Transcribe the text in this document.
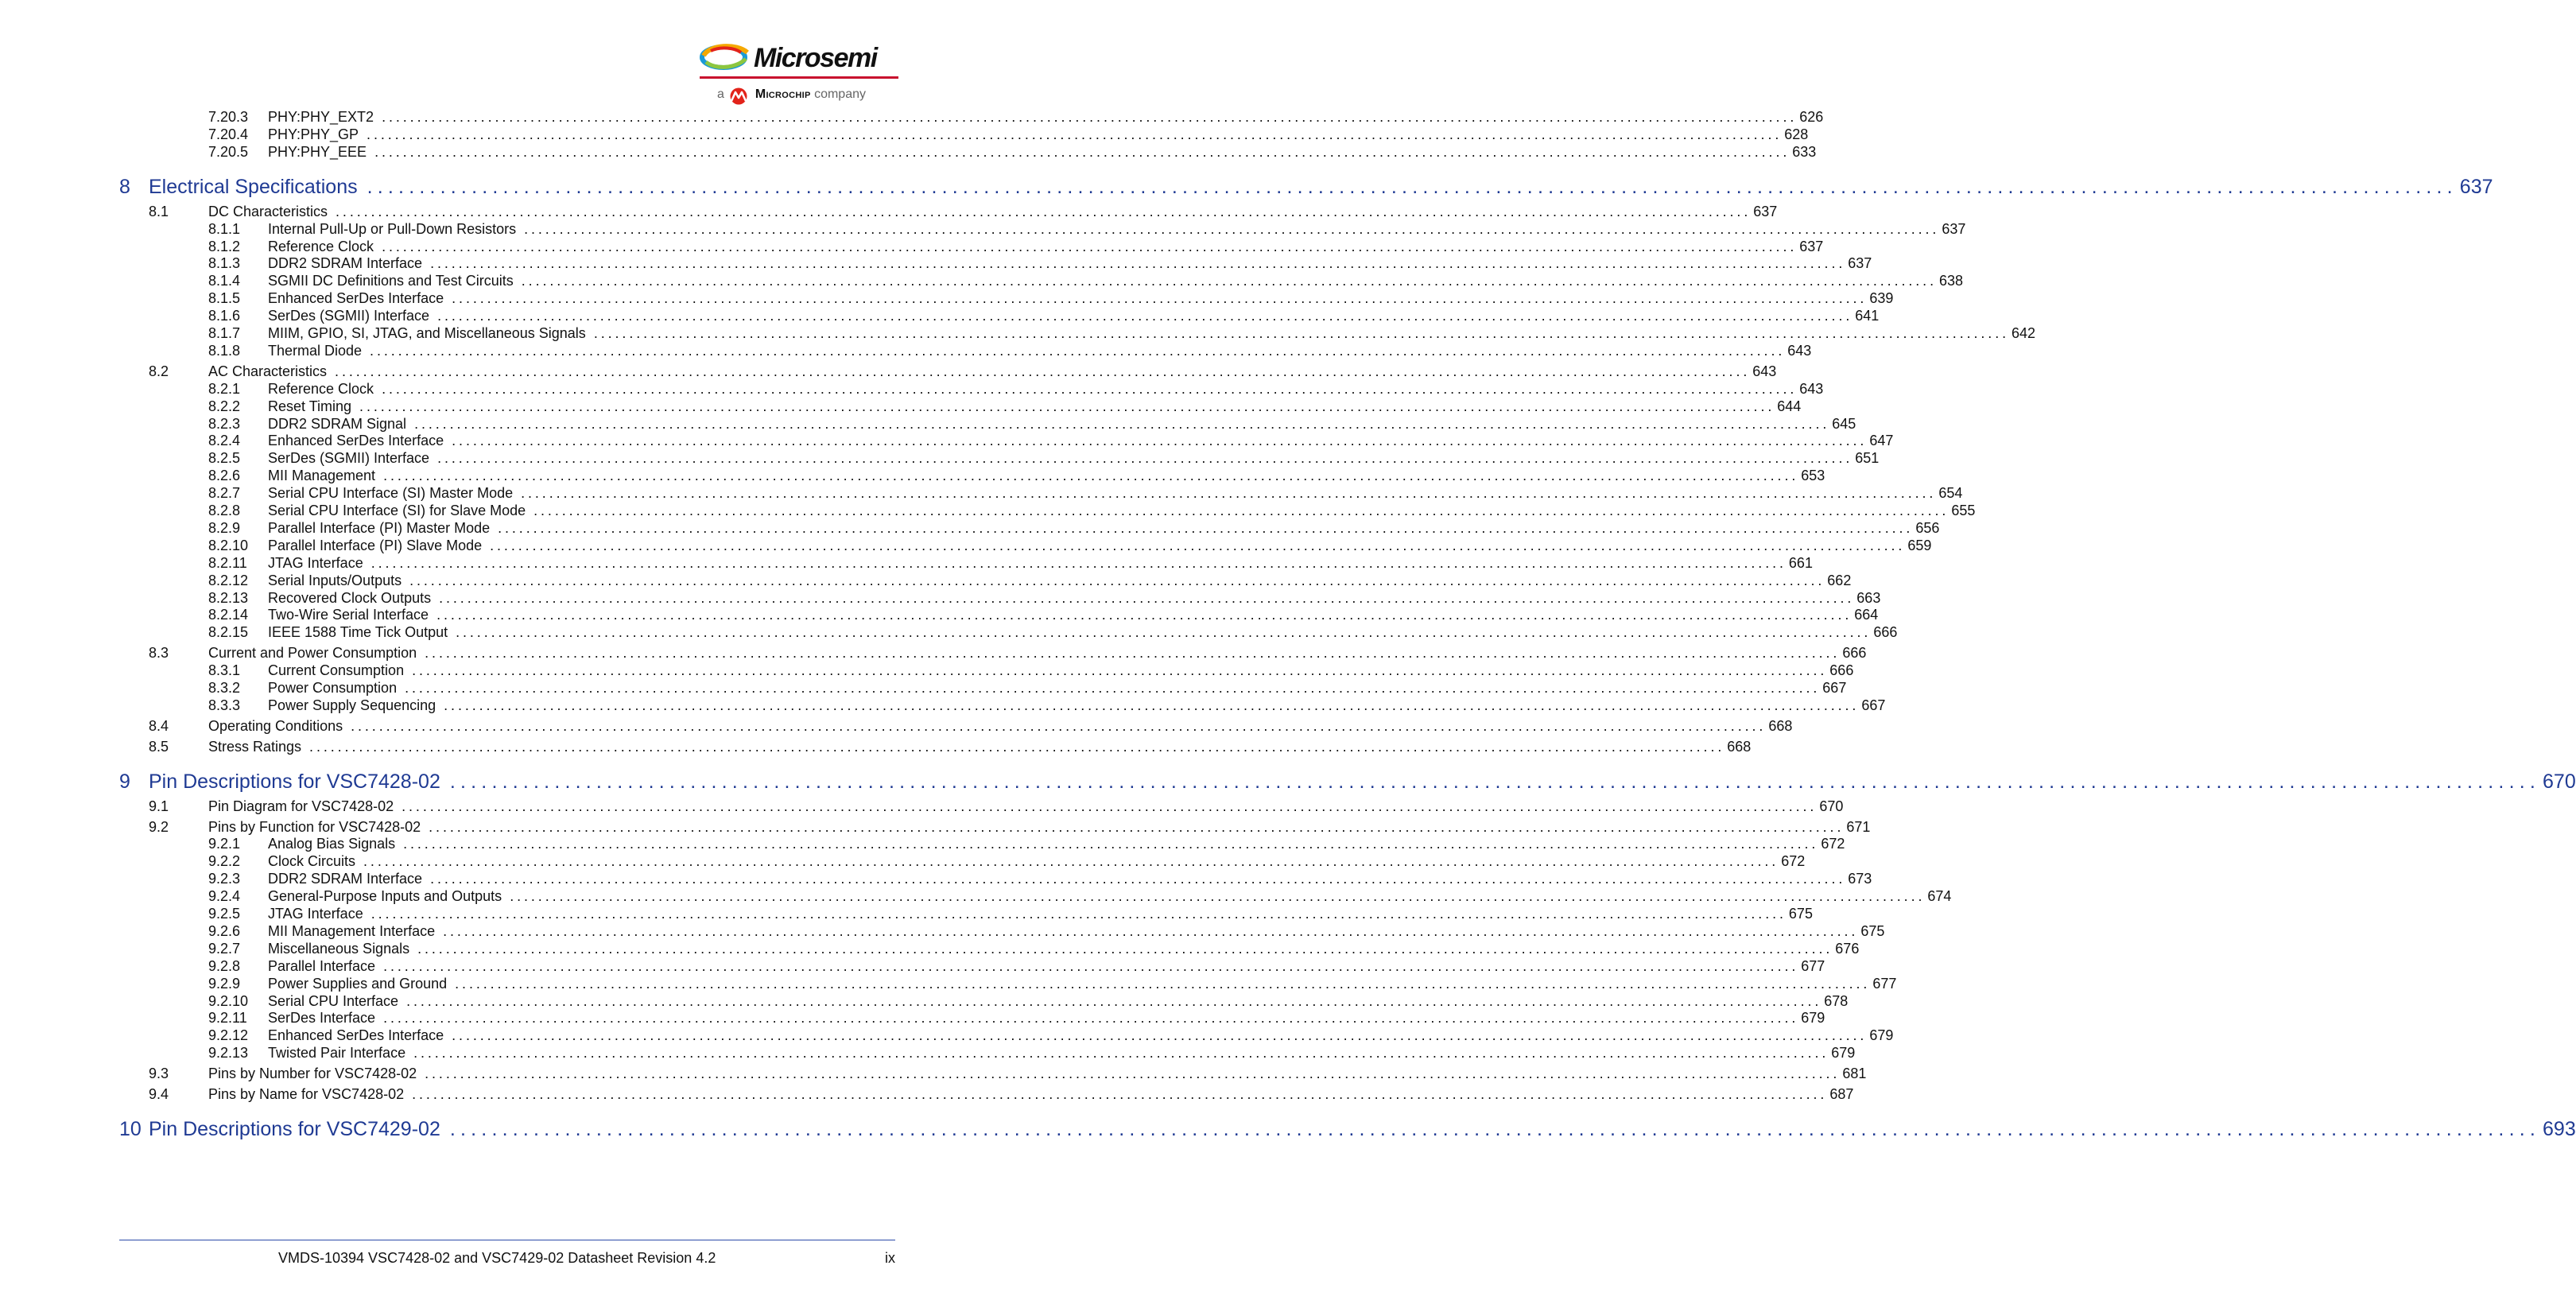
Microsemi
a Microchip company
7.20.3 PHY:PHY_EXT2 ........................................................................................................................................................................................................ 626
7.20.4 PHY:PHY_GP ........................................................................................................................................................................................................ 628
7.20.5 PHY:PHY_EEE ........................................................................................................................................................................................................ 633
8 Electrical Specifications ........................................................................................................................................................................................................ 637
8.1	DC Characteristics ........................................................................................................................................................................................................ 637
8.1.1 Internal Pull-Up or Pull-Down Resistors ........................................................................................................................................................................................................ 637
8.1.2 Reference Clock ........................................................................................................................................................................................................ 637
8.1.3 DDR2 SDRAM Interface ........................................................................................................................................................................................................ 637
8.1.4 SGMII DC Definitions and Test Circuits ........................................................................................................................................................................................................ 638
8.1.5 Enhanced SerDes Interface ........................................................................................................................................................................................................ 639
8.1.6 SerDes (SGMII) Interface ........................................................................................................................................................................................................ 641
8.1.7 MIIM, GPIO, SI, JTAG, and Miscellaneous Signals ........................................................................................................................................................................................................ 642
8.1.8 Thermal Diode ........................................................................................................................................................................................................ 643
8.2	AC Characteristics ........................................................................................................................................................................................................ 643
8.2.1 Reference Clock ........................................................................................................................................................................................................ 643
8.2.2 Reset Timing ........................................................................................................................................................................................................ 644
8.2.3 DDR2 SDRAM Signal ........................................................................................................................................................................................................ 645
8.2.4 Enhanced SerDes Interface ........................................................................................................................................................................................................ 647
8.2.5 SerDes (SGMII) Interface ........................................................................................................................................................................................................ 651
8.2.6 MII Management ........................................................................................................................................................................................................ 653
8.2.7 Serial CPU Interface (SI) Master Mode ........................................................................................................................................................................................................ 654
8.2.8 Serial CPU Interface (SI) for Slave Mode ........................................................................................................................................................................................................ 655
8.2.9 Parallel Interface (PI) Master Mode ........................................................................................................................................................................................................ 656
8.2.10 Parallel Interface (PI) Slave Mode ........................................................................................................................................................................................................ 659
8.2.11 JTAG Interface ........................................................................................................................................................................................................ 661
8.2.12 Serial Inputs/Outputs ........................................................................................................................................................................................................ 662
8.2.13 Recovered Clock Outputs ........................................................................................................................................................................................................ 663
8.2.14 Two-Wire Serial Interface ........................................................................................................................................................................................................ 664
8.2.15 IEEE 1588 Time Tick Output ........................................................................................................................................................................................................ 666
8.3	Current and Power Consumption ........................................................................................................................................................................................................ 666
8.3.1 Current Consumption ........................................................................................................................................................................................................ 666
8.3.2 Power Consumption ........................................................................................................................................................................................................ 667
8.3.3 Power Supply Sequencing ........................................................................................................................................................................................................ 667
8.4	Operating Conditions ........................................................................................................................................................................................................ 668
8.5	Stress Ratings ........................................................................................................................................................................................................ 668
9 Pin Descriptions for VSC7428-02 ........................................................................................................................................................................................................ 670
9.1	Pin Diagram for VSC7428-02 ........................................................................................................................................................................................................ 670
9.2	Pins by Function for VSC7428-02 ........................................................................................................................................................................................................ 671
9.2.1 Analog Bias Signals ........................................................................................................................................................................................................ 672
9.2.2 Clock Circuits ........................................................................................................................................................................................................ 672
9.2.3 DDR2 SDRAM Interface ........................................................................................................................................................................................................ 673
9.2.4 General-Purpose Inputs and Outputs ........................................................................................................................................................................................................ 674
9.2.5 JTAG Interface ........................................................................................................................................................................................................ 675
9.2.6 MII Management Interface ........................................................................................................................................................................................................ 675
9.2.7 Miscellaneous Signals ........................................................................................................................................................................................................ 676
9.2.8 Parallel Interface ........................................................................................................................................................................................................ 677
9.2.9 Power Supplies and Ground ........................................................................................................................................................................................................ 677
9.2.10 Serial CPU Interface ........................................................................................................................................................................................................ 678
9.2.11 SerDes Interface ........................................................................................................................................................................................................ 679
9.2.12 Enhanced SerDes Interface ........................................................................................................................................................................................................ 679
9.2.13 Twisted Pair Interface ........................................................................................................................................................................................................ 679
9.3	Pins by Number for VSC7428-02 ........................................................................................................................................................................................................ 681
9.4	Pins by Name for VSC7428-02 ........................................................................................................................................................................................................ 687
10 Pin Descriptions for VSC7429-02 ........................................................................................................................................................................................................ 693
VMDS-10394 VSC7428-02 and VSC7429-02 Datasheet Revision 4.2	ix
